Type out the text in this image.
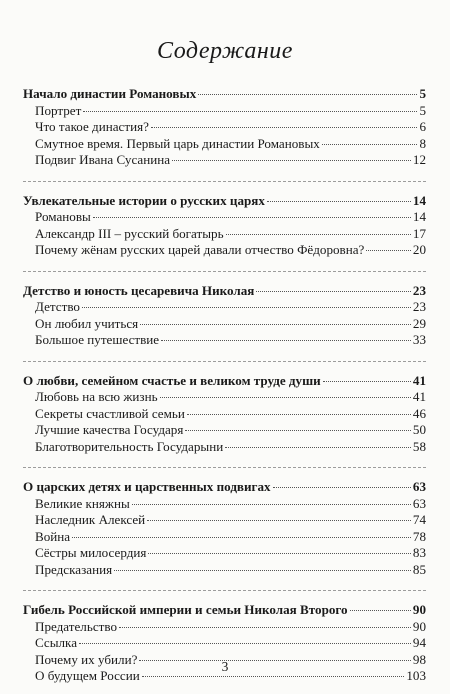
Содержание
Начало династии Романовых	5
Портрет	5
Что такое династия?	6
Смутное время. Первый царь династии Романовых	8
Подвиг Ивана Сусанина	12
Увлекательные истории о русских царях	14
Романовы	14
Александр III – русский богатырь	17
Почему жёнам русских царей давали отчество Фёдоровна?	20
Детство и юность цесаревича Николая	23
Детство	23
Он любил учиться	29
Большое путешествие	33
О любви, семейном счастье и великом труде души	41
Любовь на всю жизнь	41
Секреты счастливой семьи	46
Лучшие качества Государя	50
Благотворительность Государыни	58
О царских детях и царственных подвигах	63
Великие княжны	63
Наследник Алексей	74
Война	78
Сёстры милосердия	83
Предсказания	85
Гибель Российской империи и семьи Николая Второго	90
Предательство	90
Ссылка	94
Почему их убили?	98
О будущем России	103
3
